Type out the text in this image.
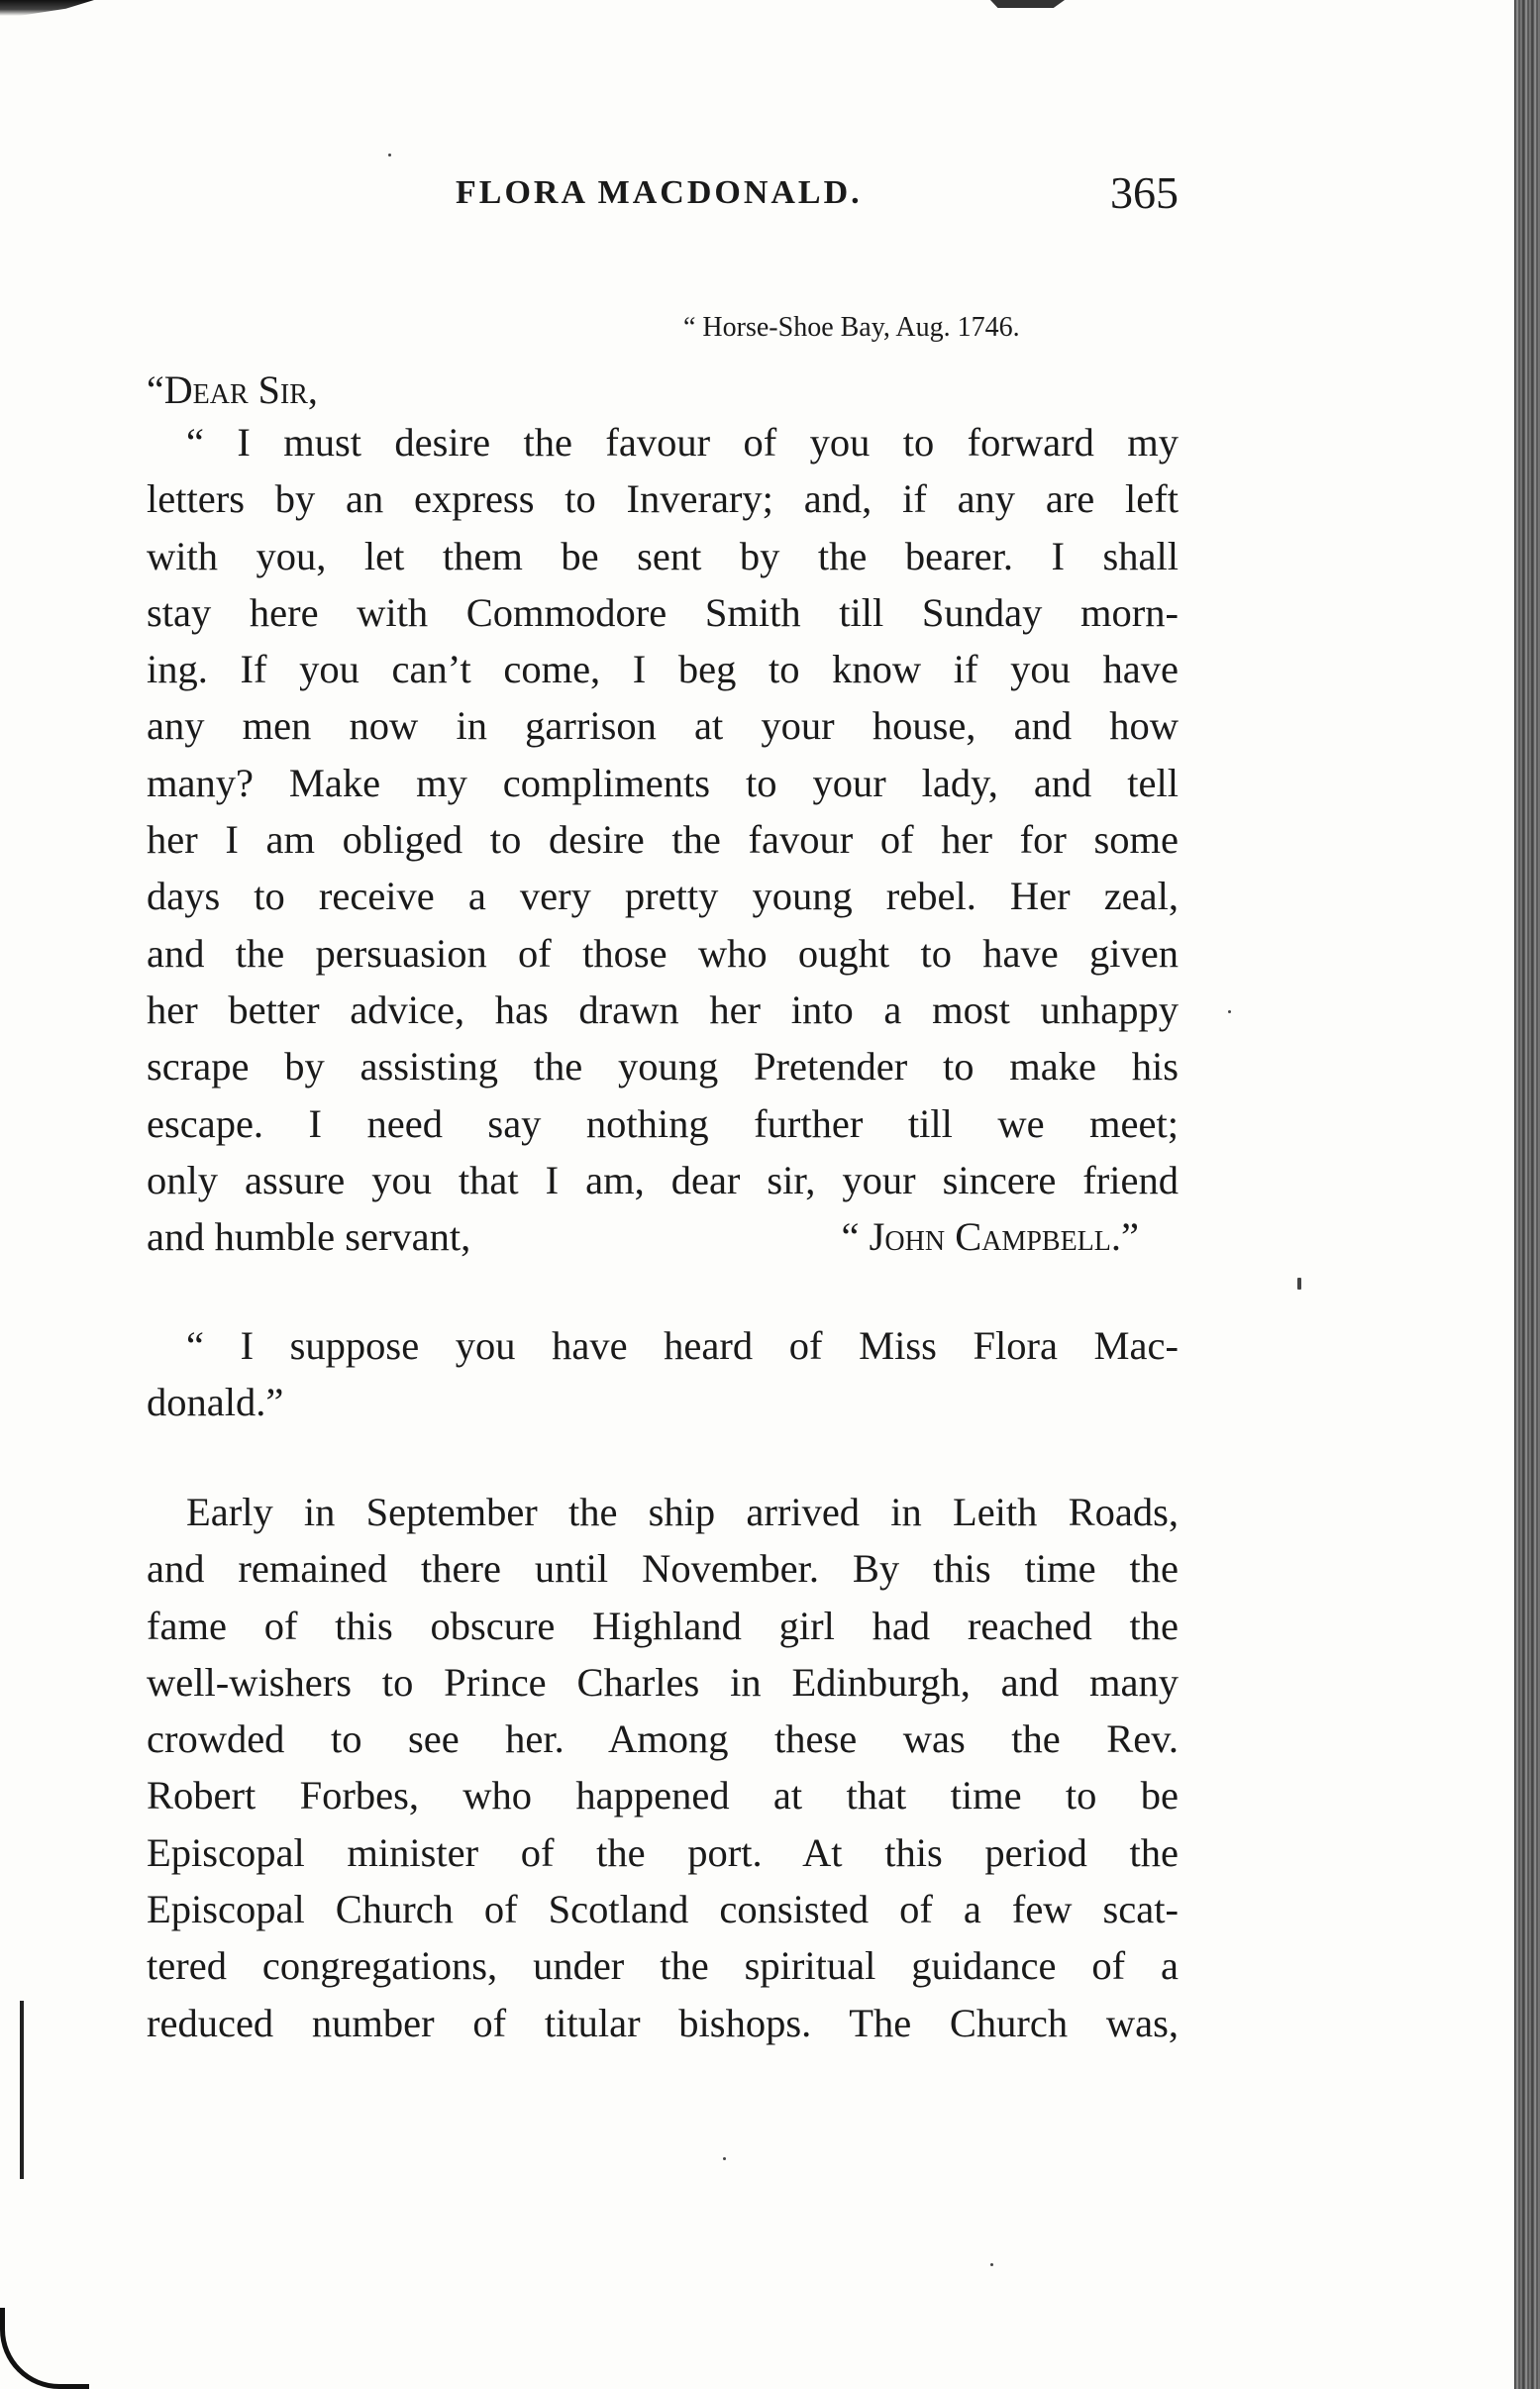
FLORA MACDONALD.	365
“ Horse-Shoe Bay, Aug. 1746.
“Dear Sir,
“ I must desire the favour of you to forward my
letters by an express to Inverary; and, if any are left
with you, let them be sent by the bearer. I shall
stay here with Commodore Smith till Sunday morn-
ing. If you can’t come, I beg to know if you have
any men now in garrison at your house, and how
many? Make my compliments to your lady, and tell
her I am obliged to desire the favour of her for some
days to receive a very pretty young rebel. Her zeal,
and the persuasion of those who ought to have given
her better advice, has drawn her into a most unhappy
scrape by assisting the young Pretender to make his
escape. I need say nothing further till we meet;
only assure you that I am, dear sir, your sincere friend
and humble servant,	“ John Campbell.”
“ I suppose you have heard of Miss Flora Mac-
donald.”
Early in September the ship arrived in Leith Roads,
and remained there until November. By this time the
fame of this obscure Highland girl had reached the
well-wishers to Prince Charles in Edinburgh, and many
crowded to see her. Among these was the Rev.
Robert Forbes, who happened at that time to be
Episcopal minister of the port. At this period the
Episcopal Church of Scotland consisted of a few scat-
tered congregations, under the spiritual guidance of a
reduced number of titular bishops. The Church was,
